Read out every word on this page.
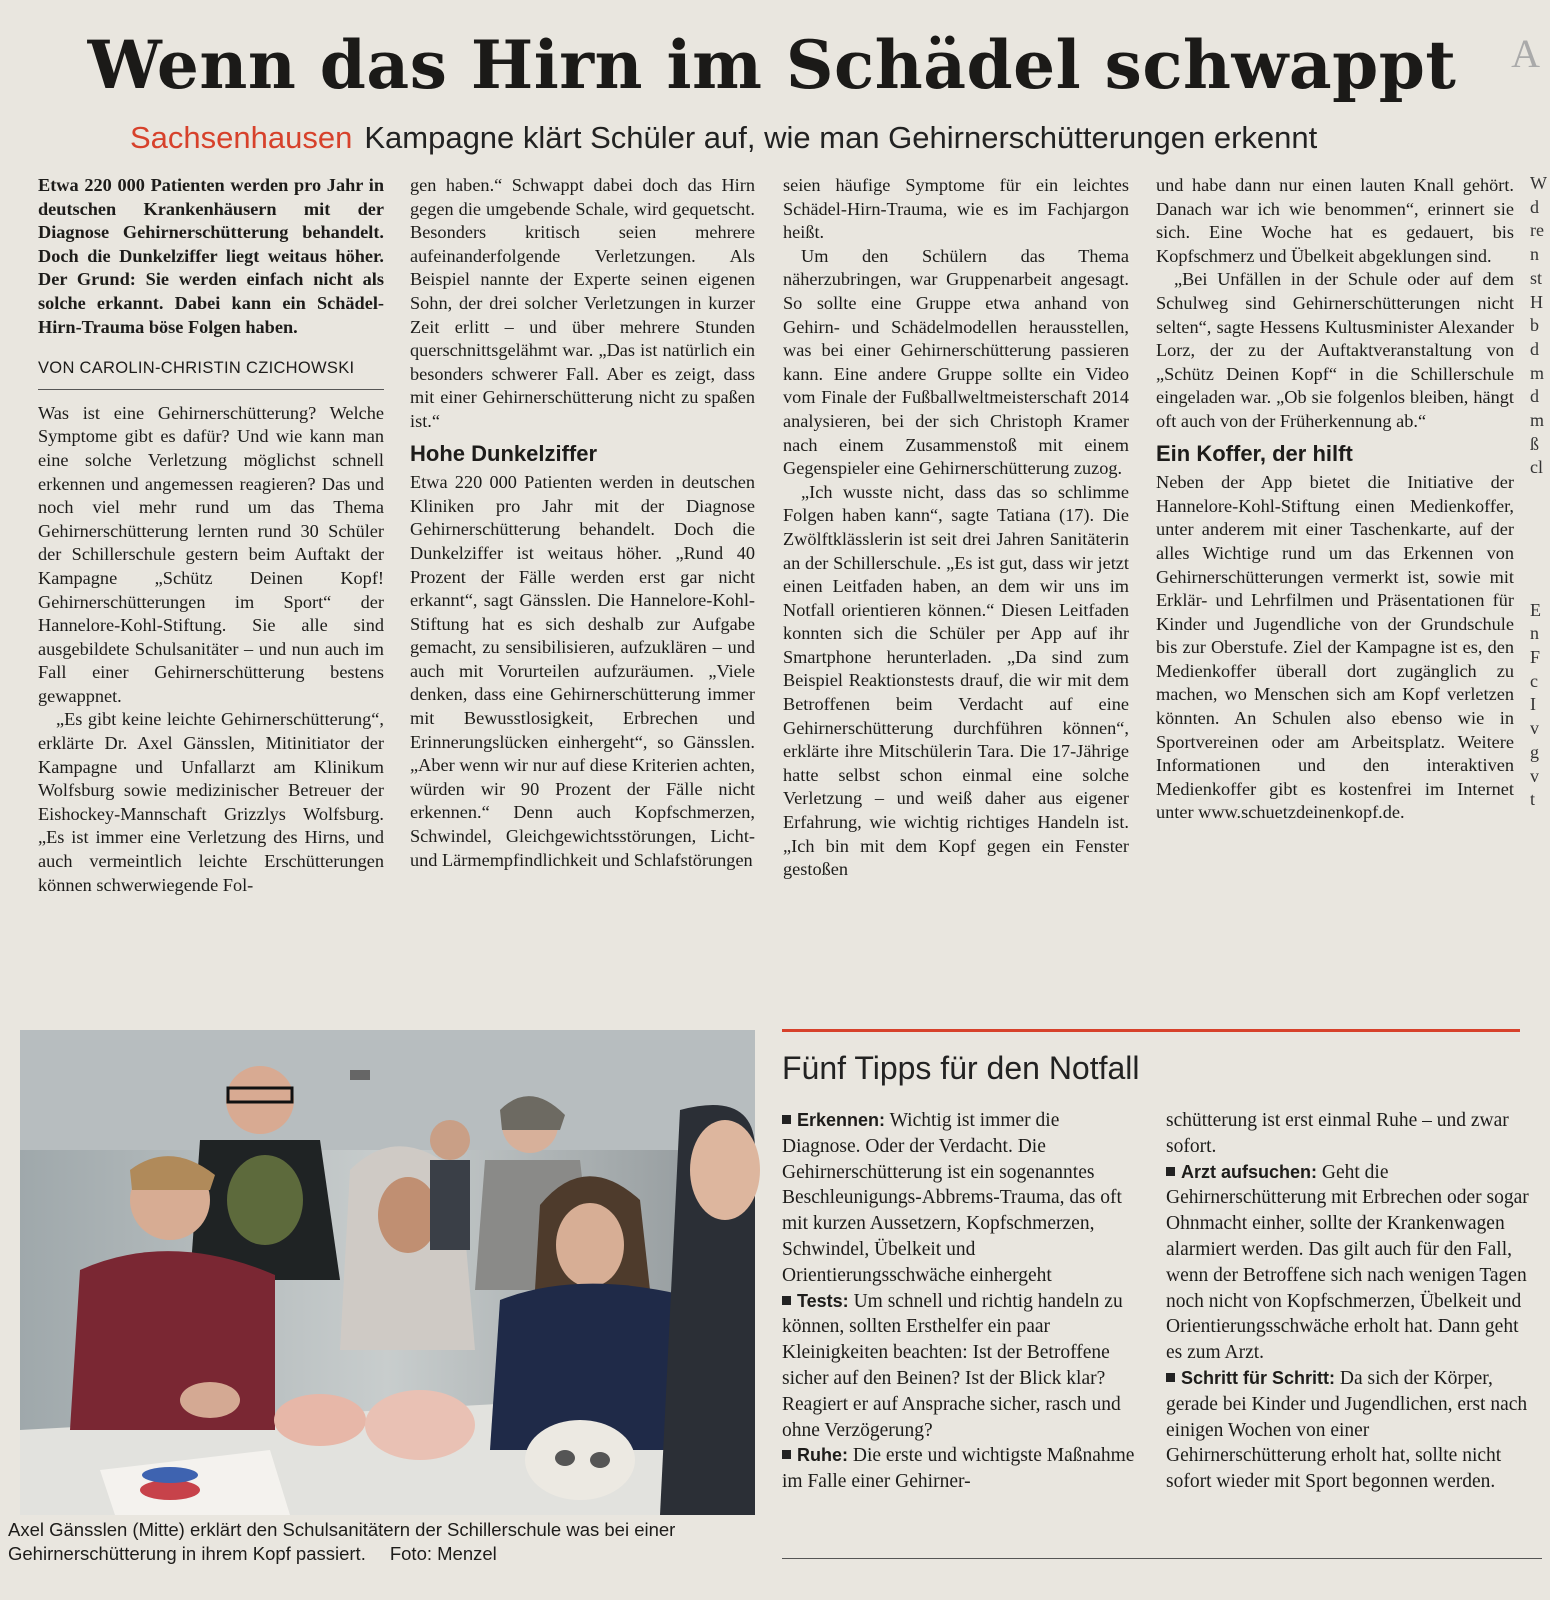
Wenn das Hirn im Schädel schwappt	A
Sachsenhausen Kampagne klärt Schüler auf, wie man Gehirnerschütterungen erkennt

Etwa 220 000 Patienten werden pro Jahr in deutschen Krankenhäusern mit der Diagnose Gehirnerschütterung behandelt. Doch die Dunkelziffer liegt weitaus höher. Der Grund: Sie werden einfach nicht als solche erkannt. Dabei kann ein Schädel-Hirn-Trauma böse Folgen haben.

VON CAROLIN-CHRISTIN CZICHOWSKI

Was ist eine Gehirnerschütterung? Welche Symptome gibt es dafür? Und wie kann man eine solche Verletzung möglichst schnell erkennen und angemessen reagieren? Das und noch viel mehr rund um das Thema Gehirnerschütterung lernten rund 30 Schüler der Schillerschule gestern beim Auftakt der Kampagne „Schütz Deinen Kopf! Gehirnerschütterungen im Sport“ der Hannelore-Kohl-Stiftung. Sie alle sind ausgebildete Schulsanitäter – und nun auch im Fall einer Gehirnerschütterung bestens gewappnet.

„Es gibt keine leichte Gehirnerschütterung“, erklärte Dr. Axel Gänsslen, Mitinitiator der Kampagne und Unfallarzt am Klinikum Wolfsburg sowie medizinischer Betreuer der Eishockey-Mannschaft Grizzlys Wolfsburg. „Es ist immer eine Verletzung des Hirns, und auch vermeintlich leichte Erschütterungen können schwerwiegende Fol-

gen haben.“ Schwappt dabei doch das Hirn gegen die umgebende Schale, wird gequetscht. Besonders kritisch seien mehrere aufeinanderfolgende Verletzungen. Als Beispiel nannte der Experte seinen eigenen Sohn, der drei solcher Verletzungen in kurzer Zeit erlitt – und über mehrere Stunden querschnittsgelähmt war. „Das ist natürlich ein besonders schwerer Fall. Aber es zeigt, dass mit einer Gehirnerschütterung nicht zu spaßen ist.“

Hohe Dunkelziffer

Etwa 220 000 Patienten werden in deutschen Kliniken pro Jahr mit der Diagnose Gehirnerschütterung behandelt. Doch die Dunkelziffer ist weitaus höher. „Rund 40 Prozent der Fälle werden erst gar nicht erkannt“, sagt Gänsslen. Die Hannelore-Kohl-Stiftung hat es sich deshalb zur Aufgabe gemacht, zu sensibilisieren, aufzuklären – und auch mit Vorurteilen aufzuräumen. „Viele denken, dass eine Gehirnerschütterung immer mit Bewusstlosigkeit, Erbrechen und Erinnerungslücken einhergeht“, so Gänsslen. „Aber wenn wir nur auf diese Kriterien achten, würden wir 90 Prozent der Fälle nicht erkennen.“ Denn auch Kopfschmerzen, Schwindel, Gleichgewichtsstörungen, Licht- und Lärmempfindlichkeit und Schlafstörungen

seien häufige Symptome für ein leichtes Schädel-Hirn-Trauma, wie es im Fachjargon heißt.

Um den Schülern das Thema näherzubringen, war Gruppenarbeit angesagt. So sollte eine Gruppe etwa anhand von Gehirn- und Schädelmodellen herausstellen, was bei einer Gehirnerschütterung passieren kann. Eine andere Gruppe sollte ein Video vom Finale der Fußballweltmeisterschaft 2014 analysieren, bei der sich Christoph Kramer nach einem Zusammenstoß mit einem Gegenspieler eine Gehirnerschütterung zuzog.

„Ich wusste nicht, dass das so schlimme Folgen haben kann“, sagte Tatiana (17). Die Zwölftklässlerin ist seit drei Jahren Sanitäterin an der Schillerschule. „Es ist gut, dass wir jetzt einen Leitfaden haben, an dem wir uns im Notfall orientieren können.“ Diesen Leitfaden konnten sich die Schüler per App auf ihr Smartphone herunterladen. „Da sind zum Beispiel Reaktionstests drauf, die wir mit dem Betroffenen beim Verdacht auf eine Gehirnerschütterung durchführen können“, erklärte ihre Mitschülerin Tara. Die 17-Jährige hatte selbst schon einmal eine solche Verletzung – und weiß daher aus eigener Erfahrung, wie wichtig richtiges Handeln ist. „Ich bin mit dem Kopf gegen ein Fenster gestoßen

und habe dann nur einen lauten Knall gehört. Danach war ich wie benommen“, erinnert sie sich. Eine Woche hat es gedauert, bis Kopfschmerz und Übelkeit abgeklungen sind.

„Bei Unfällen in der Schule oder auf dem Schulweg sind Gehirnerschütterungen nicht selten“, sagte Hessens Kultusminister Alexander Lorz, der zu der Auftaktveranstaltung von „Schütz Deinen Kopf“ in die Schillerschule eingeladen war. „Ob sie folgenlos bleiben, hängt oft auch von der Früherkennung ab.“

Ein Koffer, der hilft

Neben der App bietet die Initiative der Hannelore-Kohl-Stiftung einen Medienkoffer, unter anderem mit einer Taschenkarte, auf der alles Wichtige rund um das Erkennen von Gehirnerschütterungen vermerkt ist, sowie mit Erklär- und Lehrfilmen und Präsentationen für Kinder und Jugendliche von der Grundschule bis zur Oberstufe. Ziel der Kampagne ist es, den Medienkoffer überall dort zugänglich zu machen, wo Menschen sich am Kopf verletzen könnten. An Schulen also ebenso wie in Sportvereinen oder am Arbeitsplatz. Weitere Informationen und den interaktiven Medienkoffer gibt es kostenfrei im Internet unter www.schuetzdeinenkopf.de.

W
d
re
n
st
H
b
d
m
d
m
ß
cl

E
n
F
c
I
v
g
v
t
Axel Gänsslen (Mitte) erklärt den Schulsanitätern der Schillerschule was bei einer Gehirnerschütterung in ihrem Kopf passiert. Foto: Menzel
Fünf Tipps für den Notfall

Erkennen: Wichtig ist immer die Diagnose. Oder der Verdacht. Die Gehirnerschütterung ist ein sogenanntes Beschleunigungs-Abbrems-Trauma, das oft mit kurzen Aussetzern, Kopfschmerzen, Schwindel, Übelkeit und Orientierungsschwäche einhergeht

Tests: Um schnell und richtig handeln zu können, sollten Ersthelfer ein paar Kleinigkeiten beachten: Ist der Betroffene sicher auf den Beinen? Ist der Blick klar? Reagiert er auf Ansprache sicher, rasch und ohne Verzögerung?

Ruhe: Die erste und wichtigste Maßnahme im Falle einer Gehirner-

schütterung ist erst einmal Ruhe – und zwar sofort.

Arzt aufsuchen: Geht die Gehirnerschütterung mit Erbrechen oder sogar Ohnmacht einher, sollte der Krankenwagen alarmiert werden. Das gilt auch für den Fall, wenn der Betroffene sich nach wenigen Tagen noch nicht von Kopfschmerzen, Übelkeit und Orientierungsschwäche erholt hat. Dann geht es zum Arzt.

Schritt für Schritt: Da sich der Körper, gerade bei Kinder und Jugendlichen, erst nach einigen Wochen von einer Gehirnerschütterung erholt hat, sollte nicht sofort wieder mit Sport begonnen werden.
